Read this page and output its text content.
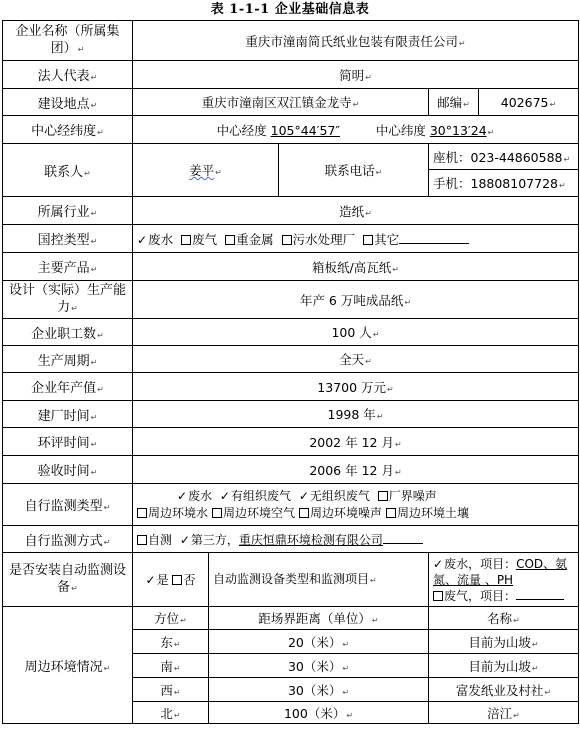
表 1-1-1 企业基础信息表
企业名称（所属集团）↵	重庆市潼南简氏纸业包装有限责任公司↵				
法人代表↵	简明↵				
建设地点↵	重庆市潼南区双江镇金龙寺↵			邮编↵	402675↵
中心经纬度↵	中心经度 105°44′57″ 中心纬度 30°13′24↵				
联系人↵	姜平↵		联系电话↵	座机：023-44860588↵	
				手机：18808107728↵	
所属行业↵	造纸↵				
国控类型↵	✓废水 废气 重金属 污水处理厂 其它				
主要产品↵	箱板纸/高瓦纸↵				
设计（实际）生产能力↵	年产 6 万吨成品纸↵				
企业职工数↵	100 人↵				
生产周期↵	全天↵				
企业年产值↵	13700 万元↵				
建厂时间↵	1998 年↵				
环评时间↵	2002 年 12 月↵				
验收时间↵	2006 年 12 月↵				
自行监测类型↵	✓废水 ✓有组织废气 ✓无组织废气 厂界噪声
周边环境水 周边环境空气 周边环境噪声 周边环境土壤				

自行监测方式↵	自测 ✓第三方，重庆恒鼎环境检测有限公司				
是否安装自动监测设备↵	✓是 否	自动监测设备类型和监测项目↵		✓废水，项目：COD、氨氮、流量 、PH
废气，项目：	
周边环境情况↵	方位↵	距场界距离（单位）↵		名称↵	
	东↵	20（米）↵		目前为山坡↵	
	南↵	30（米）↵		目前为山坡↵	
	西↵	30（米）↵		富发纸业及村社↵	
	北↵	100（米）↵		涪江↵	
